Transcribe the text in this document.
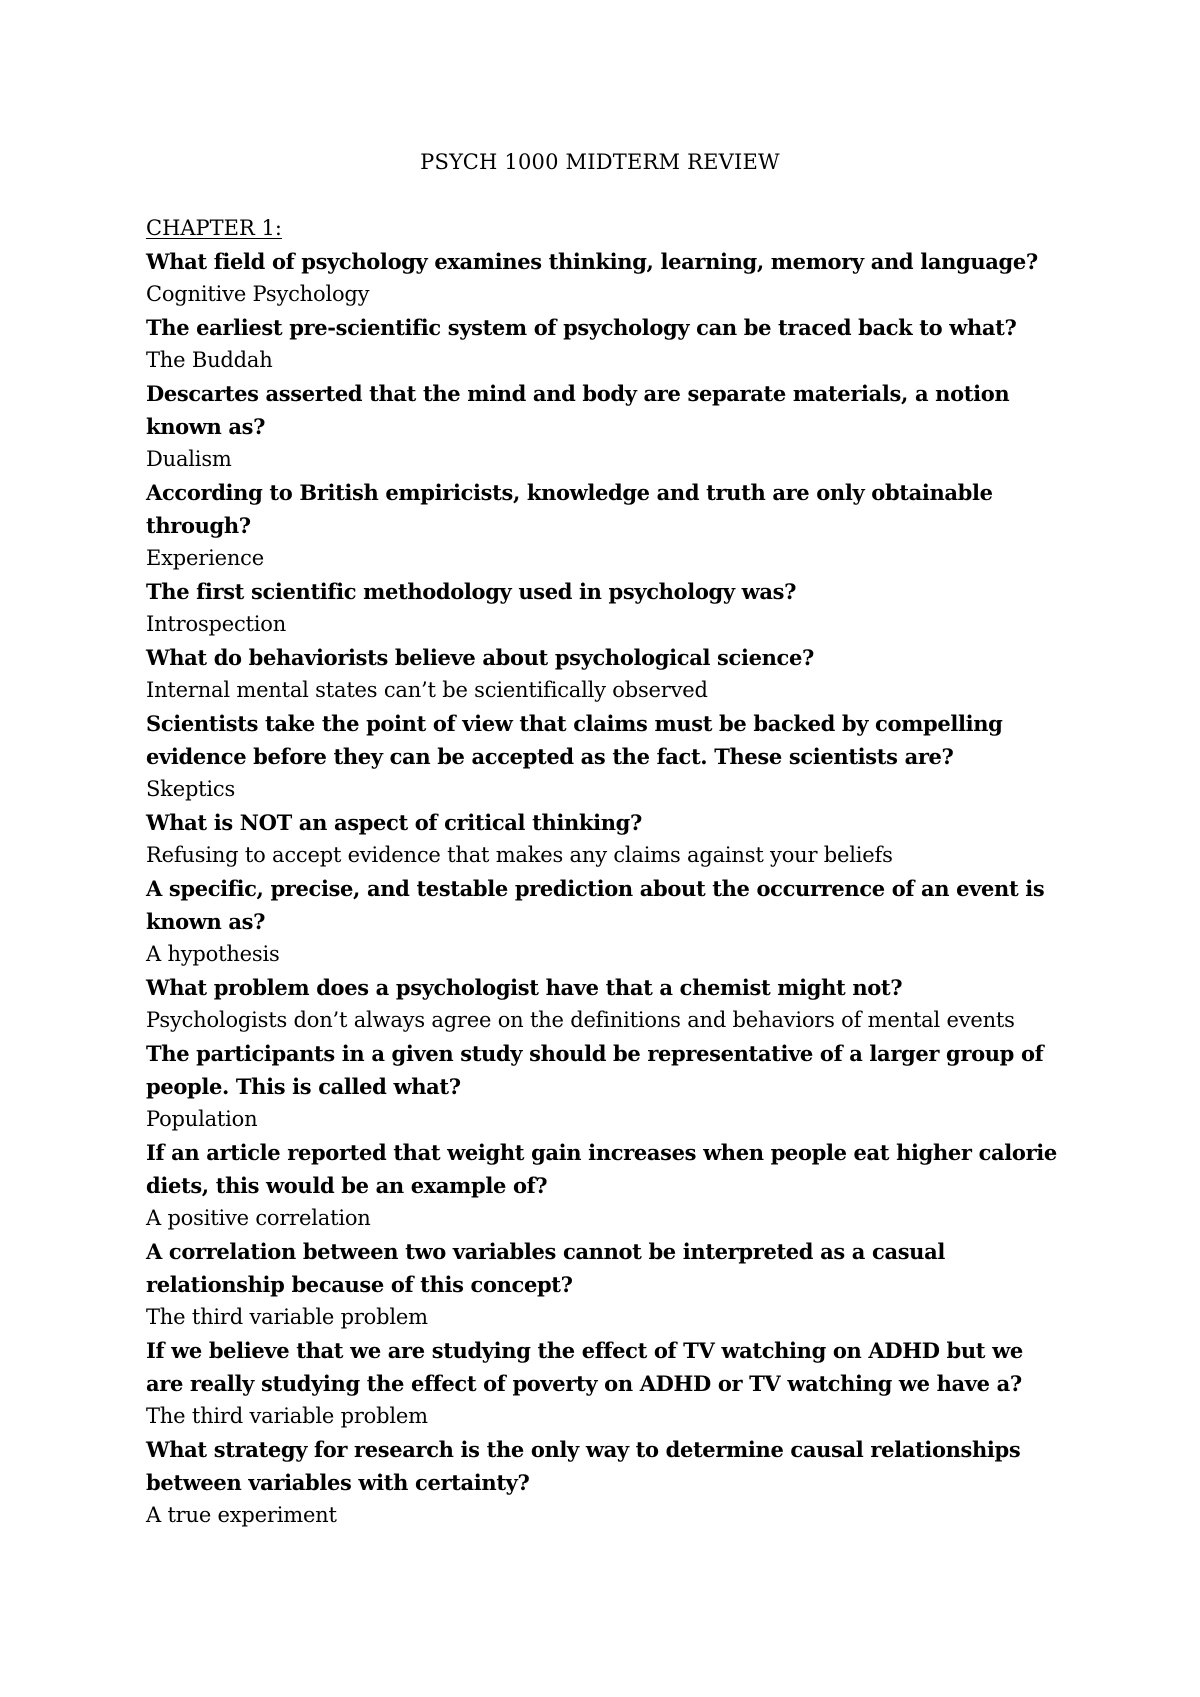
PSYCH 1000 MIDTERM REVIEW
CHAPTER 1:
What field of psychology examines thinking, learning, memory and language?
Cognitive Psychology
The earliest pre-scientific system of psychology can be traced back to what?
The Buddah
Descartes asserted that the mind and body are separate materials, a notion known as?
Dualism
According to British empiricists, knowledge and truth are only obtainable through?
Experience
The first scientific methodology used in psychology was?
Introspection
What do behaviorists believe about psychological science?
Internal mental states can’t be scientifically observed
Scientists take the point of view that claims must be backed by compelling evidence before they can be accepted as the fact. These scientists are?
Skeptics
What is NOT an aspect of critical thinking?
Refusing to accept evidence that makes any claims against your beliefs
A specific, precise, and testable prediction about the occurrence of an event is known as?
A hypothesis
What problem does a psychologist have that a chemist might not?
Psychologists don’t always agree on the definitions and behaviors of mental events
The participants in a given study should be representative of a larger group of people. This is called what?
Population
If an article reported that weight gain increases when people eat higher calorie diets, this would be an example of?
A positive correlation
A correlation between two variables cannot be interpreted as a casual relationship because of this concept?
The third variable problem
If we believe that we are studying the effect of TV watching on ADHD but we are really studying the effect of poverty on ADHD or TV watching we have a?
The third variable problem
What strategy for research is the only way to determine causal relationships between variables with certainty?
A true experiment
